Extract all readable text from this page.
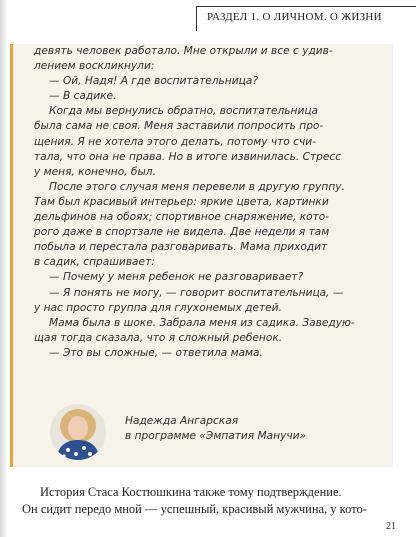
РАЗДЕЛ 1. О ЛИЧНОМ. О ЖИЗНИ
девять человек работало. Мне открыли и все с удив-
лением воскликнули:
— Ой, Надя! А где воспитательница?
— В садике.
Когда мы вернулись обратно, воспитательница
была сама не своя. Меня заставили попросить про-
щения. Я не хотела этого делать, потому что счи-
тала, что она не права. Но в итоге извинилась. Стресс
у меня, конечно, был.
После этого случая меня перевели в другую группу.
Там был красивый интерьер: яркие цвета, картинки
дельфинов на обоях; спортивное снаряжение, кото-
рого даже в спортзале не видела. Две недели я там
побыла и перестала разговаривать. Мама приходит
в садик, спрашивает:
— Почему у меня ребенок не разговаривает?
— Я понять не могу, — говорит воспитательница, —
у нас просто группа для глухонемых детей.
Мама была в шоке. Забрала меня из садика. Заведую-
щая тогда сказала, что я сложный ребенок.
— Это вы сложные, — ответила мама.
Надежда Ангарская
в программе «Эмпатия Манучи»
История Стаса Костюшкина также тому подтверждение.
Он сидит передо мной — успешный, красивый мужчина, у кото-
21
